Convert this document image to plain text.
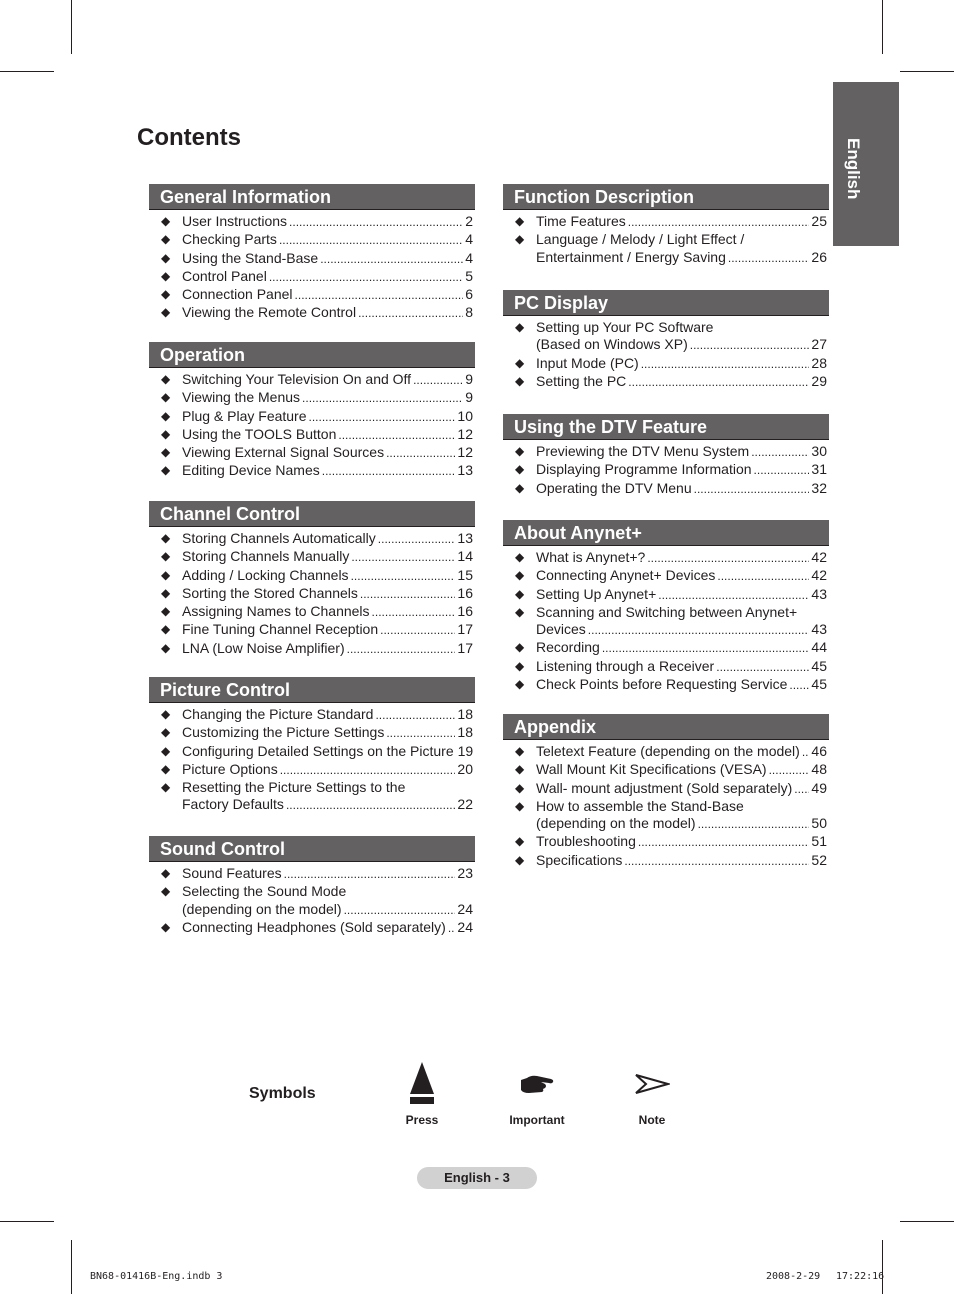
English
Contents
General Information
◆ User Instructions .....	2
◆ Checking Parts .....	4
◆ Using the Stand-Base .....	4
◆ Control Panel .....	5
◆ Connection Panel .....	6
◆ Viewing the Remote Control .....	8
Operation
◆ Switching Your Television On and Off .....	9
◆ Viewing the Menus .....	9
◆ Plug & Play Feature .....	10
◆ Using the TOOLS Button .....	12
◆ Viewing External Signal Sources .....	12
◆ Editing Device Names .....	13
Channel Control
◆ Storing Channels Automatically .....	13
◆ Storing Channels Manually .....	14
◆ Adding / Locking Channels .....	15
◆ Sorting the Stored Channels .....	16
◆ Assigning Names to Channels .....	16
◆ Fine Tuning Channel Reception .....	17
◆ LNA (Low Noise Amplifier) .....	17
Picture Control
◆ Changing the Picture Standard .....	18
◆ Customizing the Picture Settings .....	18
◆ Configuring Detailed Settings on the Picture 19
◆ Picture Options .....	20
◆ Resetting the Picture Settings to the
Factory Defaults .....	22
Sound Control
◆ Sound Features .....	23
◆ Selecting the Sound Mode
(depending on the model) .....	24
◆ Connecting Headphones (Sold separately) ..... 24
Function Description
◆ Time Features .....	25
◆ Language / Melody / Light Effect /
Entertainment / Energy Saving .....	26
PC Display
◆ Setting up Your PC Software
(Based on Windows XP) .....	27
◆ Input Mode (PC) .....	28
◆ Setting the PC .....	29
Using the DTV Feature
◆ Previewing the DTV Menu System .....	30
◆ Displaying Programme Information .....	31
◆ Operating the DTV Menu .....	32
About Anynet+
◆ What is Anynet+? .....	42
◆ Connecting Anynet+ Devices .....	42
◆ Setting Up Anynet+ .....	43
◆ Scanning and Switching between Anynet+
Devices .....	43
◆ Recording .....	44
◆ Listening through a Receiver .....	45
◆ Check Points before Requesting Service ..... 45
Appendix
◆ Teletext Feature (depending on the model) ..... 46
◆ Wall Mount Kit Specifications (VESA) .....	48
◆ Wall- mount adjustment (Sold separately) ..... 49
◆ How to assemble the Stand-Base
(depending on the model) .....	50
◆ Troubleshooting .....	51
◆ Specifications .....	52
Symbols
Press	Important	Note
English - 3
BN68-01416B-Eng.indb 3	2008-2-29 17:22:16
